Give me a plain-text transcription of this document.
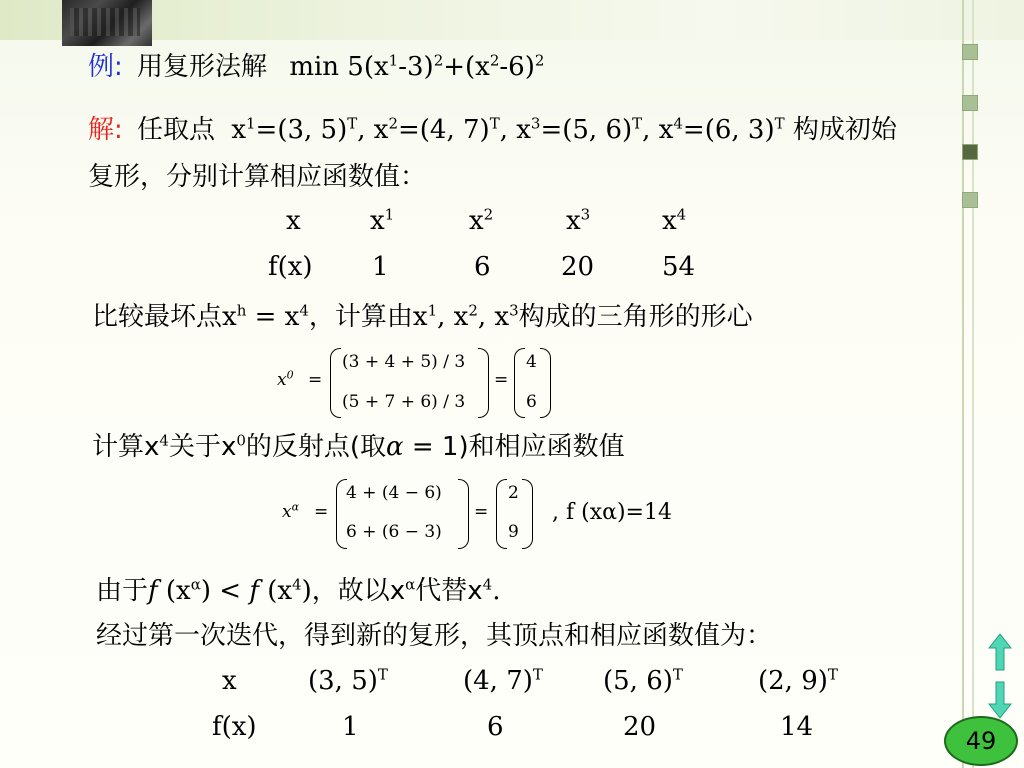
例: 用复形法解 $\min 5(x^1-3)^2+(x^2-6)^2$
解: 任取点 $x^1=(3$, 5)$^T$, $x^2=(4$, 7)$^T$, $x^3=(5$, 6)$^T$, $x^4=(6$, 3)$^T$ 构成初始
复形，分别计算相应函数值：
x	$x^1$	$x^2$	$x^3$	$x^4$
f(x) 1	6	20	54
比较最坏点$x^h = x^4$，计算由$x^1$, $x^2$, $x^3$构成的三角形的形心
$x^0$ =
(3 + 4 + 5) / 3
(5 + 7 + 6) / 3
=
4
6
计算$x^4$关于$x^0$的反射点(取α = 1)和相应函数值
$x^\alpha$ =
4 + (4 − 6)
6 + (6 − 3)
=
2
9
, f (xα)=14
由于f $(x^\alpha) < f$ $(x^4)$，故以$x^\alpha$代替$x^4$.
经过第一次迭代，得到新的复形，其顶点和相应函数值为：
x	(3, 5)$^T$	(4, 7)$^T$ (5, 6)$^T$	(2, 9)$^T$
f(x)	1	6	20	14	49
